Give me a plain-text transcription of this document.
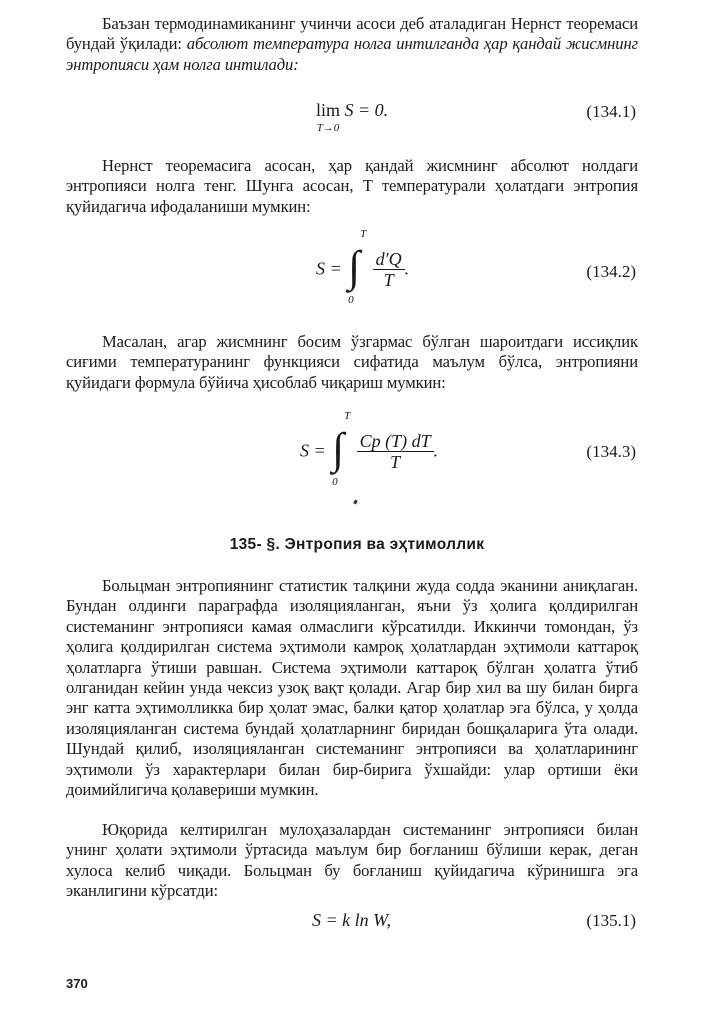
Баъзан термодинамиканинг учинчи асоси деб аталадиган Нернст теоремаси бундай ўқилади: абсолют температура нолга интилганда ҳар қандай жисмнинг энтропияси ҳам нолга интилади:

lim
T→0
S = 0.	(134.1)

Нернст теоремасига асосан, ҳар қандай жисмнинг абсолют нолдаги энтропияси нолга тенг. Шунга асосан, T температурали ҳолатдаги энтропия қуйидагича ифодаланиши мумкин:

S = ∫
T
0

$\frac{d'Q}{T}$ .	(134.2)

Масалан, агар жисмнинг босим ўзгармас бўлган шароитдаги иссиқлик сиғими температуранинг функцияси сифатида маълум бўлса, энтропияни қуйидаги формула бўйича ҳисоблаб чиқариш мумкин:

S = ∫
T
0

$\frac{Cp (T) dT}{T}$ .	(134.3)
135- §. Энтропия ва эҳтимоллик

Больцман энтропиянинг статистик талқини жуда содда эканини аниқлаган. Бундан олдинги параграфда изоляцияланган, яъни ўз ҳолига қолдирилган системанинг энтропияси камая олмаслиги кўрсатилди. Иккинчи томондан, ўз ҳолига қолдирилган система эҳтимоли камроқ ҳолатлардан эҳтимоли каттароқ ҳолатларга ўтиши равшан. Система эҳтимоли каттароқ бўлган ҳолатга ўтиб олганидан кейин унда чексиз узоқ вақт қолади. Агар бир хил ва шу билан бирга энг катта эҳтимолликка бир ҳолат эмас, балки қатор ҳолатлар эга бўлса, у ҳолда изоляцияланган система бундай ҳолатларнинг биридан бошқаларига ўта олади. Шундай қилиб, изоляцияланган системанинг энтропияси ва ҳолатларининг эҳтимоли ўз характерлари билан бир-бирига ўхшайди: улар ортиши ёки доимийлигича қолавериши мумкин.

Юқорида келтирилган мулоҳазалардан системанинг энтропияси билан унинг ҳолати эҳтимоли ўртасида маълум бир боғланиш бўлиши керак, деган хулоса келиб чиқади. Больцман бу боғланиш қуйидагича кўринишга эга эканлигини кўрсатди:

S = k ln W,	(135.1)
370
